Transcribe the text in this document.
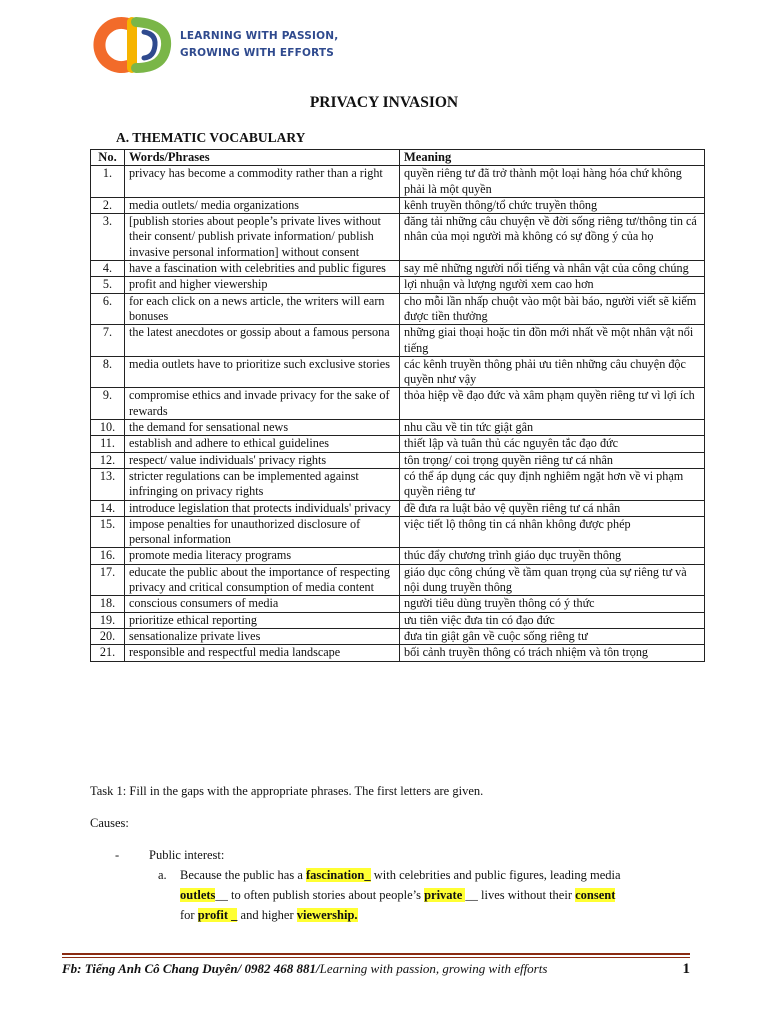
LEARNING WITH PASSION,
GROWING WITH EFFORTS
PRIVACY INVASION
A. THEMATIC VOCABULARY
No.	Words/Phrases	Meaning
1.	privacy has become a commodity rather than a right	quyền riêng tư đã trở thành một loại hàng hóa chứ không phải là một quyền
2.	media outlets/ media organizations	kênh truyền thông/tổ chức truyền thông
3.	[publish stories about people’s private lives without their consent/ publish private information/ publish invasive personal information] without consent	đăng tải những câu chuyện về đời sống riêng tư/thông tin cá nhân của mọi người mà không có sự đồng ý của họ
4.	have a fascination with celebrities and public figures	say mê những người nổi tiếng và nhân vật của công chúng
5.	profit and higher viewership	lợi nhuận và lượng người xem cao hơn
6.	for each click on a news article, the writers will earn bonuses	cho mỗi lần nhấp chuột vào một bài báo, người viết sẽ kiếm được tiền thưởng
7.	the latest anecdotes or gossip about a famous persona	những giai thoại hoặc tin đồn mới nhất về một nhân vật nổi tiếng
8.	media outlets have to prioritize such exclusive stories	các kênh truyền thông phải ưu tiên những câu chuyện độc quyền như vậy
9.	compromise ethics and invade privacy for the sake of rewards	thỏa hiệp về đạo đức và xâm phạm quyền riêng tư vì lợi ích
10.	the demand for sensational news	nhu cầu về tin tức giật gân
11.	establish and adhere to ethical guidelines	thiết lập và tuân thủ các nguyên tắc đạo đức
12.	respect/ value individuals' privacy rights	tôn trọng/ coi trọng quyền riêng tư cá nhân
13.	stricter regulations can be implemented against infringing on privacy rights	có thể áp dụng các quy định nghiêm ngặt hơn về vi phạm quyền riêng tư
14.	introduce legislation that protects individuals' privacy	đề đưa ra luật bảo vệ quyền riêng tư cá nhân
15.	impose penalties for unauthorized disclosure of personal information	việc tiết lộ thông tin cá nhân không được phép
16.	promote media literacy programs	thúc đẩy chương trình giáo dục truyền thông
17.	educate the public about the importance of respecting privacy and critical consumption of media content	giáo dục công chúng về tầm quan trọng của sự riêng tư và nội dung truyền thông
18.	conscious consumers of media	người tiêu dùng truyền thông có ý thức
19.	prioritize ethical reporting	ưu tiên việc đưa tin có đạo đức
20.	sensationalize private lives	đưa tin giật gân về cuộc sống riêng tư
21.	responsible and respectful media landscape	bối cảnh truyền thông có trách nhiệm và tôn trọng
Task 1: Fill in the gaps with the appropriate phrases. The first letters are given.
Causes:
- Public interest:
a. Because the public has a fascination_ with celebrities and public figures, leading media
outlets__ to often publish stories about people’s private __ lives without their consent
for profit _ and higher viewership.
Fb: Tiếng Anh Cô Chang Duyên/ 0982 468 881/Learning with passion, growing with efforts	1
